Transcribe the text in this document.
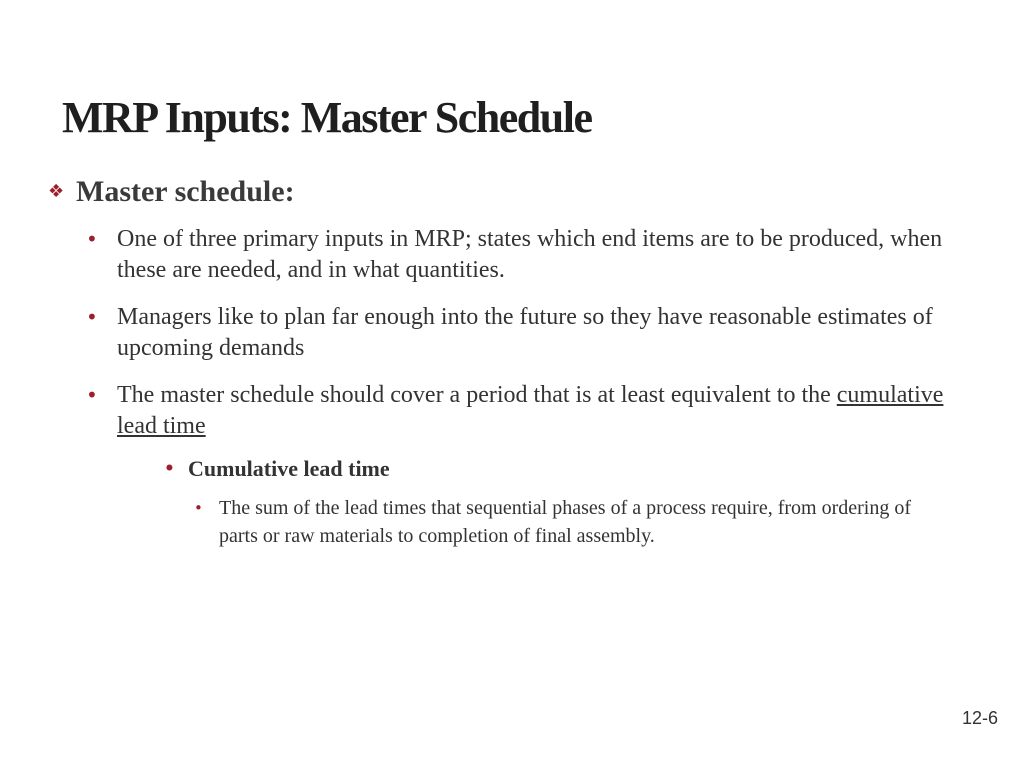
MRP Inputs: Master Schedule
❖ Master schedule:
• One of three primary inputs in MRP; states which end items are to be produced, when these are needed, and in what quantities.
• Managers like to plan far enough into the future so they have reasonable estimates of upcoming demands
• The master schedule should cover a period that is at least equivalent to the cumulative lead time
• Cumulative lead time
• The sum of the lead times that sequential phases of a process require, from ordering of parts or raw materials to completion of final assembly.
12-6
